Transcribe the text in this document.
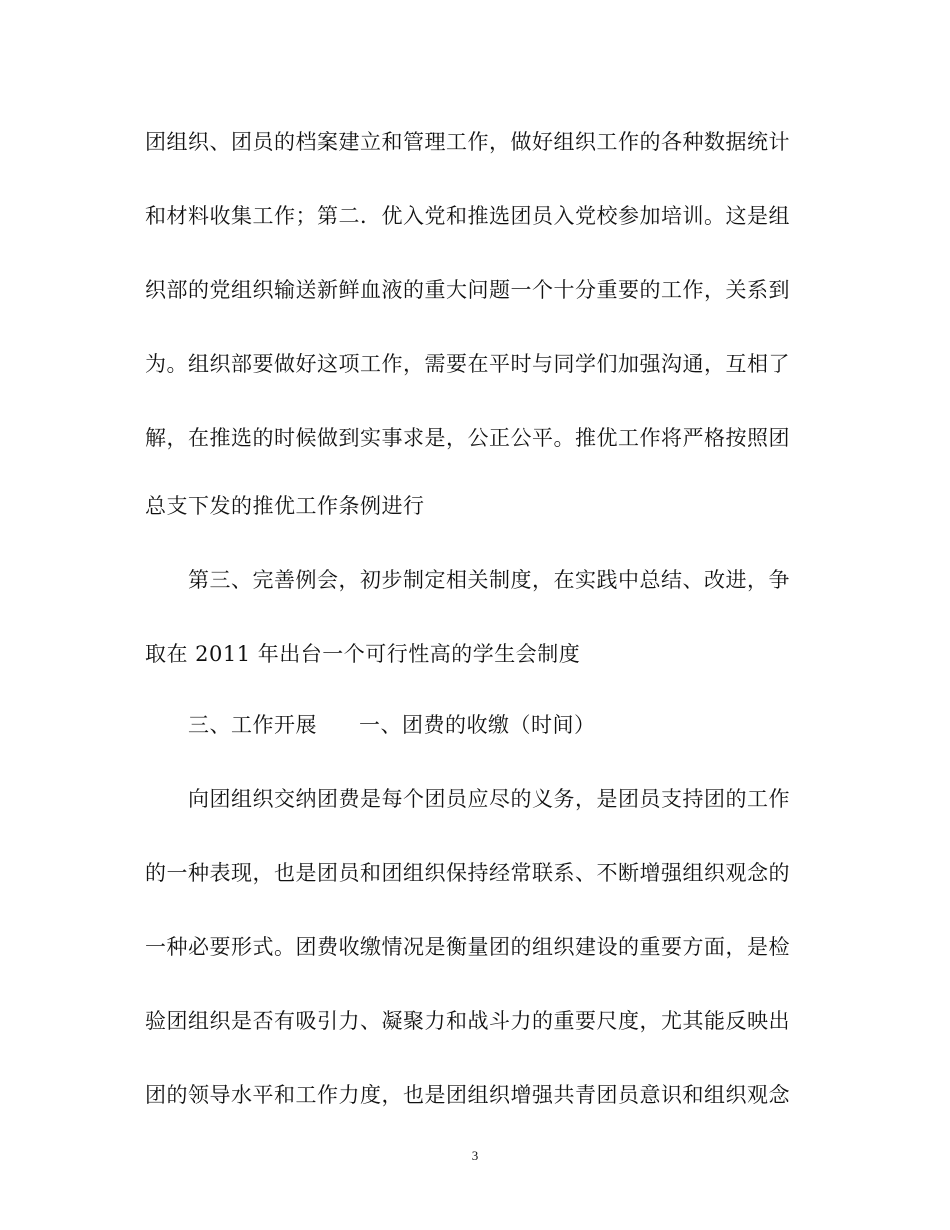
团组织、团员的档案建立和管理工作，做好组织工作的各种数据统计
和材料收集工作；第二．优入党和推选团员入党校参加培训。这是组
织部的党组织输送新鲜血液的重大问题一个十分重要的工作，关系到
为。组织部要做好这项工作，需要在平时与同学们加强沟通，互相了
解，在推选的时候做到实事求是，公正公平。推优工作将严格按照团
总支下发的推优工作条例进行
第三、完善例会，初步制定相关制度，在实践中总结、改进，争
取在 2011 年出台一个可行性高的学生会制度
三、工作开展 一、团费的收缴（时间）
向团组织交纳团费是每个团员应尽的义务，是团员支持团的工作
的一种表现，也是团员和团组织保持经常联系、不断增强组织观念的
一种必要形式。团费收缴情况是衡量团的组织建设的重要方面，是检
验团组织是否有吸引力、凝聚力和战斗力的重要尺度，尤其能反映出
团的领导水平和工作力度，也是团组织增强共青团员意识和组织观念
3
